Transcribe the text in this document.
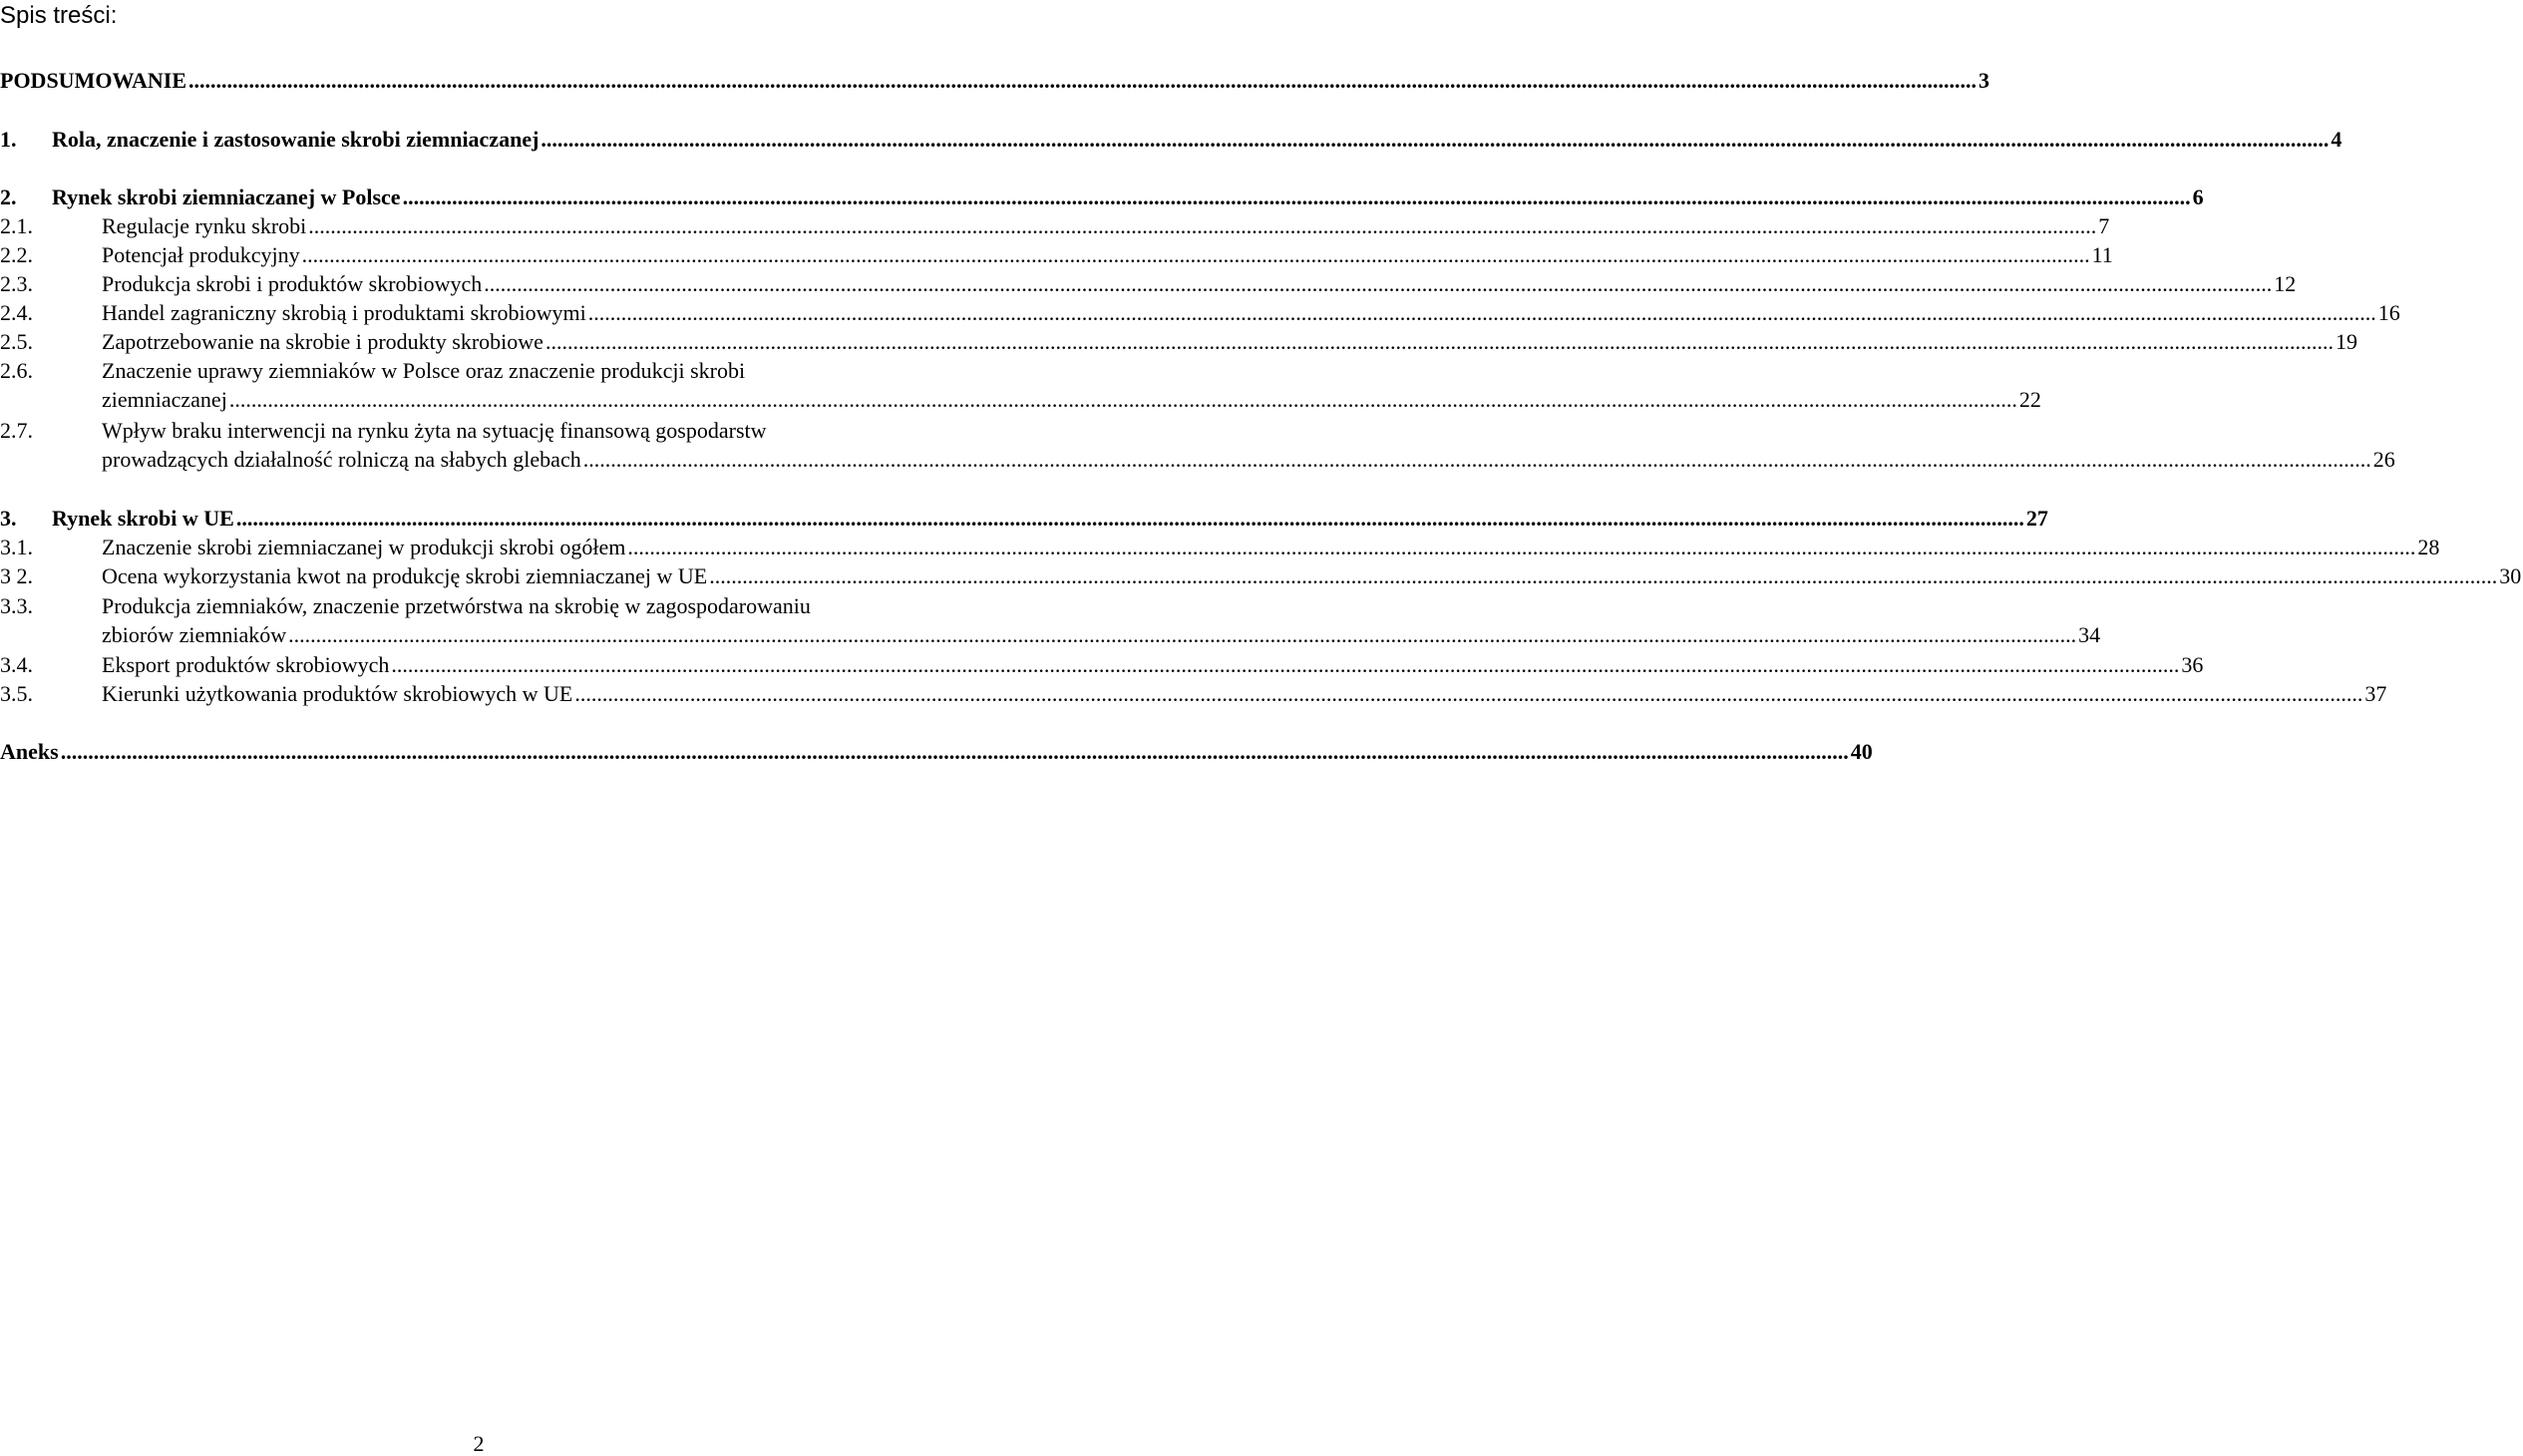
Spis treści:
PODSUMOWANIE .....	3
1.	Rola, znaczenie i zastosowanie skrobi ziemniaczanej .....	4
2.	Rynek skrobi ziemniaczanej w Polsce .....	6
2.1.	Regulacje rynku skrobi .....	7
2.2.	Potencjał produkcyjny .....	11
2.3.	Produkcja skrobi i produktów skrobiowych .....	12
2.4.	Handel zagraniczny skrobią i produktami skrobiowymi .....	16
2.5.	Zapotrzebowanie na skrobie i produkty skrobiowe .....	19
2.6.	Znaczenie uprawy ziemniaków w Polsce oraz znaczenie produkcji skrobi
ziemniaczanej .....	22
2.7.	Wpływ braku interwencji na rynku żyta na sytuację finansową gospodarstw
prowadzących działalność rolniczą na słabych glebach .....	26
3.	Rynek skrobi w UE .....	27
3.1.	Znaczenie skrobi ziemniaczanej w produkcji skrobi ogółem .....	28
3 2.	Ocena wykorzystania kwot na produkcję skrobi ziemniaczanej w UE .....	30
3.3.	Produkcja ziemniaków, znaczenie przetwórstwa na skrobię w zagospodarowaniu
zbiorów ziemniaków .....	34
3.4.	Eksport produktów skrobiowych .....	36
3.5.	Kierunki użytkowania produktów skrobiowych w UE .....	37
Aneks .....	40
2
